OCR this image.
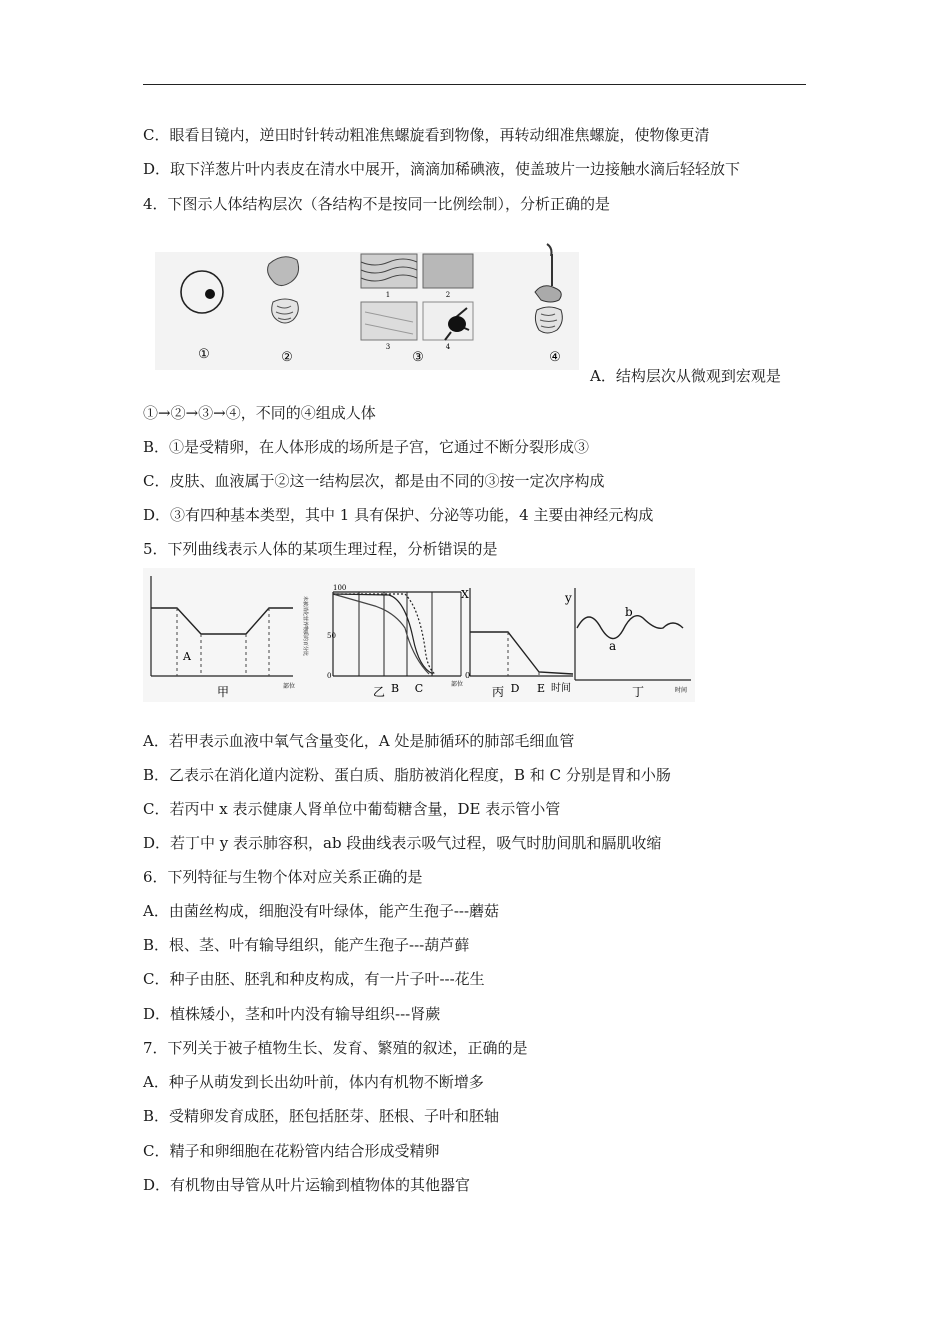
C．眼看目镜内，逆田时针转动粗准焦螺旋看到物像，再转动细准焦螺旋，使物像更清
D．取下洋葱片叶内表皮在清水中展开，滴滴加稀碘液，使盖玻片一边接触水滴后轻轻放下
4．下图示人体结构层次（各结构不是按同一比例绘制），分析正确的是
1	2
3	4
①	②	③	④
A．结构层次从微观到宏观是
①→②→③→④，不同的④组成人体
B．①是受精卵，在人体形成的场所是子宫，它通过不断分裂形成③
C．皮肤、血液属于②这一结构层次，都是由不同的③按一定次序构成
D．③有四种基本类型，其中 1 具有保护、分泌等功能，4 主要由神经元构成
5．下列曲线表示人体的某项生理过程，分析错误的是
A
部位
甲
未被消化营养物质的百分比
100
50
0
部位
乙 B C
X
0
D E 时间
丙
y
a
b
时间
丁
A．若甲表示血液中氧气含量变化，A 处是肺循环的肺部毛细血管
B．乙表示在消化道内淀粉、蛋白质、脂肪被消化程度，B 和 C 分别是胃和小肠
C．若丙中 x 表示健康人肾单位中葡萄糖含量，DE 表示管小管
D．若丁中 y 表示肺容积，ab 段曲线表示吸气过程，吸气时肋间肌和膈肌收缩
6．下列特征与生物个体对应关系正确的是
A．由菌丝构成，细胞没有叶绿体，能产生孢子---蘑菇
B．根、茎、叶有输导组织，能产生孢子---葫芦藓
C．种子由胚、胚乳和种皮构成，有一片子叶---花生
D．植株矮小，茎和叶内没有输导组织---肾蕨
7．下列关于被子植物生长、发育、繁殖的叙述，正确的是
A．种子从萌发到长出幼叶前，体内有机物不断增多
B．受精卵发育成胚，胚包括胚芽、胚根、子叶和胚轴
C．精子和卵细胞在花粉管内结合形成受精卵
D．有机物由导管从叶片运输到植物体的其他器官
